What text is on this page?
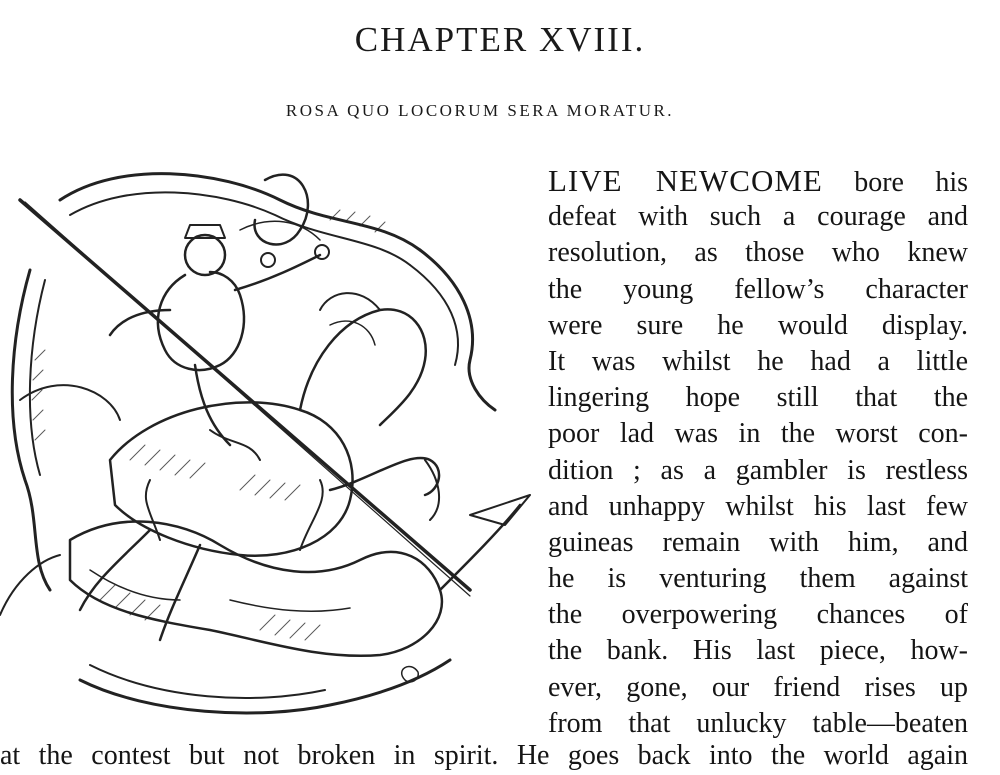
CHAPTER XVIII.
ROSA QUO LOCORUM SERA MORATUR.
LIVE NEWCOME bore his
defeat with such a courage and
resolution, as those who knew
the young fellow’s character
were sure he would display.
It was whilst he had a little
lingering hope still that the
poor lad was in the worst con-
dition ; as a gambler is restless
and unhappy whilst his last few
guineas remain with him, and
he is venturing them against
the overpowering chances of
the bank. His last piece, how-
ever, gone, our friend rises up
from that unlucky table—beaten
at the contest but not broken in spirit. He goes back into the world again
